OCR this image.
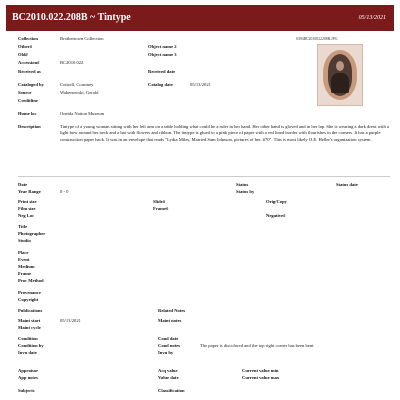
BC2010.022.208B ~ Tintype	05/13/2021
0394BC2010022208B.JPG
Collection	Brothertown Collection
Other#
Old#
Accession#	BC2010.022
Received as
Object name 2
Object name 3
Received date
Cataloged by	Cottrell, Courtney
Source	Wakenowski, Gerald
Creditline
Catalog date	05/13/2021
Home loc	Oneida Nation Museum
Description	Tintype of a young woman sitting with her left arm on a table holding what could be a ruler in her hand. Her other hand is gloved and in her lap. She is wearing a dark dress with a light bow around her neck and a hat with flowers and ribbon. The tintype is glued to a pink piece of paper with a red lined border with flourishes in the corners. It has a purple construction paper back. It was in an envelope that reads "Lydia Miles, Married Sam Johnson, pictures of her. #70". This is most likely O.E. Heller's organization system.
Date
Year Range	0 - 0
Status
Status by
Status date
Print size
Film size
Neg Loc
Slide#
Frame#
Orig/Copy
Negative#
Title
Photographer
Studio
Place
Event
Medium
Frame
Proc Method
Provenance
Copyright
Publications	Related Notes
Maint start	05/13/2021
Maint cycle
Maint notes
Condition
Condition by
Invn date
Cond date
Cond notes	The paper is discolored and the top right corner has been bent.
Invn by
Appraisor
App notes
Acq value
Value date
Current value min
Current value max
Subjects	Classification
